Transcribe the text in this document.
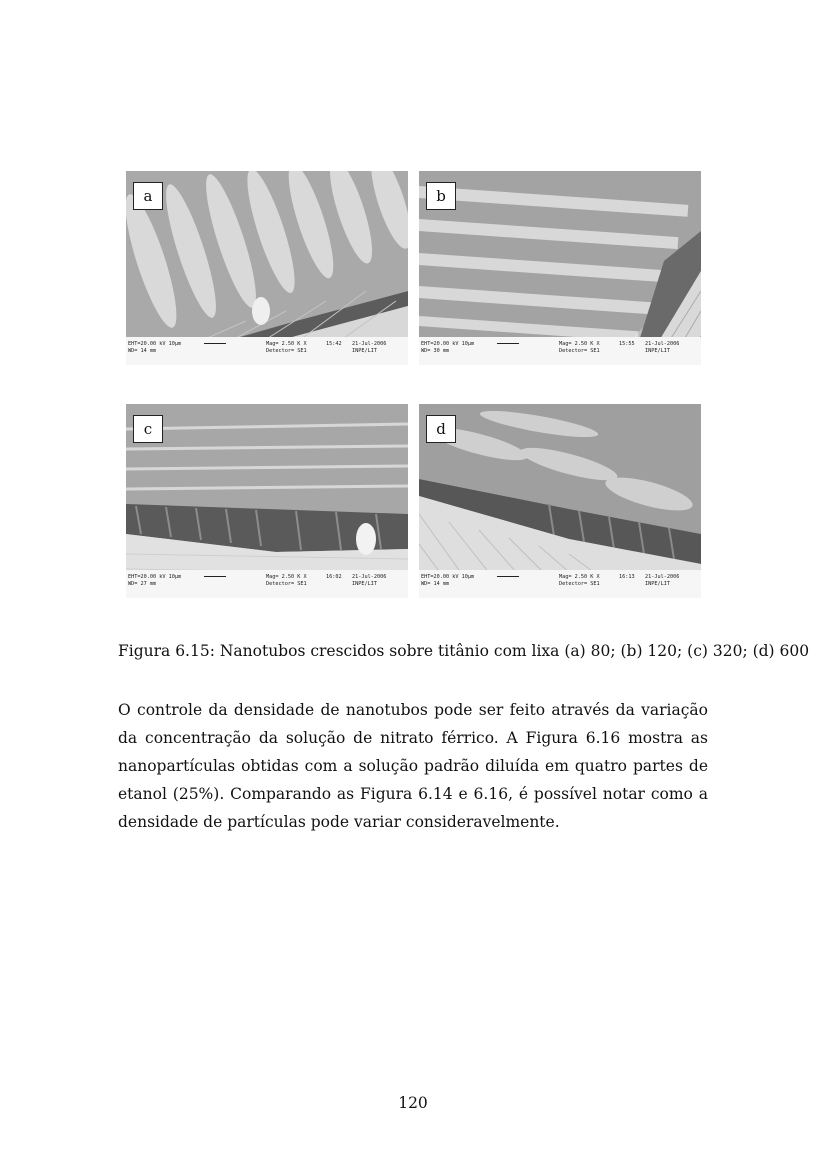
a
EHT=20.00 kV 10μm
WD= 14 mm
Mag= 2.50 K X
Detector= SE1
15:42 21-Jul-2006
INPE/LIT
b
EHT=20.00 kV 10μm
WD= 30 mm
Mag= 2.50 K X
Detector= SE1
15:55 21-Jul-2006
INPE/LIT
c
EHT=20.00 kV 10μm
WD= 27 mm
Mag= 2.50 K X
Detector= SE1
16:02 21-Jul-2006
INPE/LIT
d
EHT=20.00 kV 10μm
WD= 14 mm
Mag= 2.50 K X
Detector= SE1
16:13 21-Jul-2006
INPE/LIT
Figura 6.15: Nanotubos crescidos sobre titânio com lixa (a) 80; (b) 120; (c) 320; (d) 600

O controle da densidade de nanotubos pode ser feito através da variação da concentração da solução de nitrato férrico. A Figura 6.16 mostra as nanopartículas obtidas com a solução padrão diluída em quatro partes de etanol (25%). Comparando as Figura 6.14 e 6.16, é possível notar como a densidade de partículas pode variar consideravelmente.

120
